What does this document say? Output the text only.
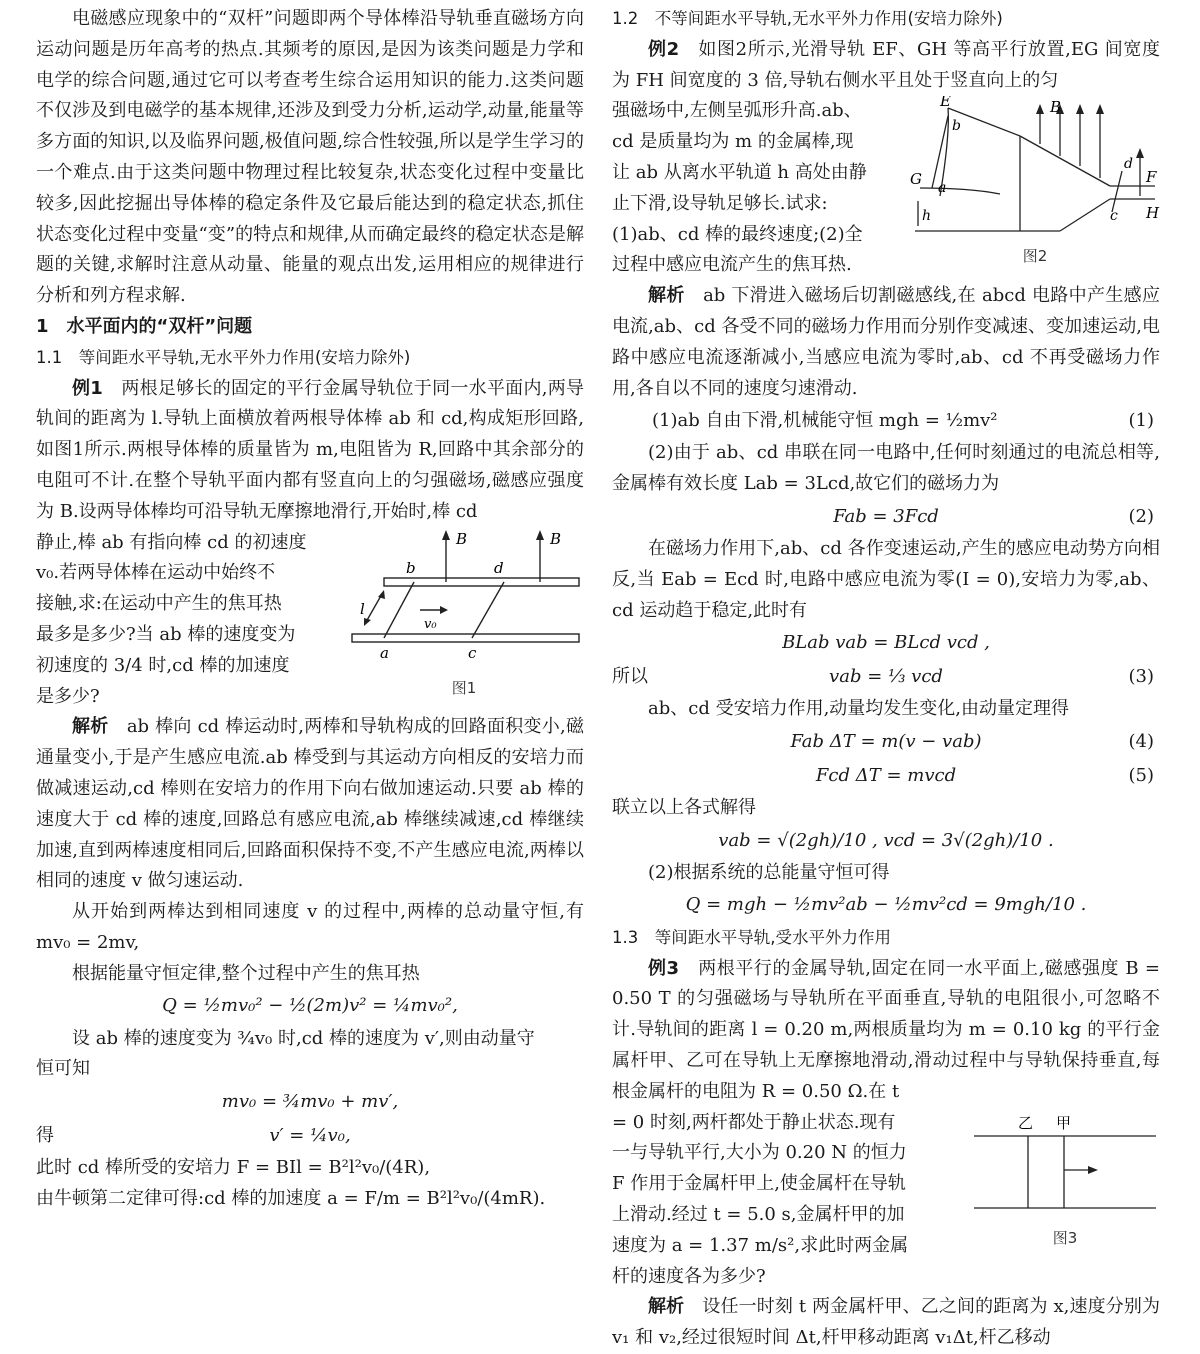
电磁感应现象中的“双杆”问题即两个导体棒沿导轨垂直磁场方向运动问题是历年高考的热点.其频考的原因,是因为该类问题是力学和电学的综合问题,通过它可以考查考生综合运用知识的能力.这类问题不仅涉及到电磁学的基本规律,还涉及到受力分析,运动学,动量,能量等多方面的知识,以及临界问题,极值问题,综合性较强,所以是学生学习的一个难点.由于这类问题中物理过程比较复杂,状态变化过程中变量比较多,因此挖掘出导体棒的稳定条件及它最后能达到的稳定状态,抓住状态变化过程中变量“变”的特点和规律,从而确定最终的稳定状态是解题的关键,求解时注意从动量、能量的观点出发,运用相应的规律进行分析和列方程求解.

1　水平面内的“双杆”问题

1.1　等间距水平导轨,无水平外力作用(安培力除外)

例1　 两根足够长的固定的平行金属导轨位于同一水平面内,两导轨间的距离为 l.导轨上面横放着两根导体棒 ab 和 cd,构成矩形回路,如图1所示.两根导体棒的质量皆为 m,电阻皆为 R,回路中其余部分的电阻可不计.在整个导轨平面内都有竖直向上的匀强磁场,磁感应强度为 B.设两导体棒均可沿导轨无摩擦地滑行,开始时,棒 cd

静止,棒 ab 有指向棒 cd 的初速度
v₀.若两导体棒在运动中始终不
接触,求:在运动中产生的焦耳热
最多是多少?当 ab 棒的速度变为
初速度的 3/4 时,cd 棒的加速度
是多少?
b	d
B	B
l
v₀
a	c
图1

解析　 ab 棒向 cd 棒运动时,两棒和导轨构成的回路面积变小,磁通量变小,于是产生感应电流.ab 棒受到与其运动方向相反的安培力而做减速运动,cd 棒则在安培力的作用下向右做加速运动.只要 ab 棒的速度大于 cd 棒的速度,回路总有感应电流,ab 棒继续减速,cd 棒继续加速,直到两棒速度相同后,回路面积保持不变,不产生感应电流,两棒以相同的速度 v 做匀速运动.

从开始到两棒达到相同速度 v 的过程中,两棒的总动量守恒,有 mv₀ = 2mv,

根据能量守恒定律,整个过程中产生的焦耳热

Q = ½mv₀² − ½(2m)v² = ¼mv₀²,

设 ab 棒的速度变为 ¾v₀ 时,cd 棒的速度为 v′,则由动量守

恒可知

mv₀ = ¾mv₀ + mv′,
得	v′ = ¼v₀,

此时 cd 棒所受的安培力 F = BIl = B²l²v₀/(4R),

由牛顿第二定律可得:cd 棒的加速度 a = F/m = B²l²v₀/(4mR).

1.2　不等间距水平导轨,无水平外力作用(安培力除外)

例2　 如图2所示,光滑导轨 EF、GH 等高平行放置,EG 间宽度为 FH 间宽度的 3 倍,导轨右侧水平且处于竖直向上的匀

强磁场中,左侧呈弧形升高.ab、
cd 是质量均为 m 的金属棒,现
让 ab 从离水平轨道 h 高处由静
止下滑,设导轨足够长.试求:
(1)ab、cd 棒的最终速度;(2)全
过程中感应电流产生的焦耳热.
E
b
B
G a
h
d
F
c H
图2

解析　 ab 下滑进入磁场后切割磁感线,在 abcd 电路中产生感应电流,ab、cd 各受不同的磁场力作用而分别作变减速、变加速运动,电路中感应电流逐渐减小,当感应电流为零时,ab、cd 不再受磁场力作用,各自以不同的速度匀速滑动.

(1)ab 自由下滑,机械能守恒 mgh = ½mv²	(1)

(2)由于 ab、cd 串联在同一电路中,任何时刻通过的电流总相等,金属棒有效长度 Lab = 3Lcd,故它们的磁场力为

Fab = 3Fcd	(2)

在磁场力作用下,ab、cd 各作变速运动,产生的感应电动势方向相反,当 Eab = Ecd 时,电路中感应电流为零(I = 0),安培力为零,ab、cd 运动趋于稳定,此时有

BLab vab = BLcd vcd ,
所以	vab = ⅓ vcd	(3)

ab、cd 受安培力作用,动量均发生变化,由动量定理得

Fab ΔT = m(v − vab)	(4)
Fcd ΔT = mvcd	(5)

联立以上各式解得

vab = √(2gh)/10 , vcd = 3√(2gh)/10 .

(2)根据系统的总能量守恒可得

Q = mgh − ½mv²ab − ½mv²cd = 9mgh/10 .

1.3　等间距水平导轨,受水平外力作用

例3　 两根平行的金属导轨,固定在同一水平面上,磁感强度 B = 0.50 T 的匀强磁场与导轨所在平面垂直,导轨的电阻很小,可忽略不计.导轨间的距离 l = 0.20 m,两根质量均为 m = 0.10 kg 的平行金属杆甲、乙可在导轨上无摩擦地滑动,滑动过程中与导轨保持垂直,每根金属杆的电阻为 R = 0.50 Ω.在 t

= 0 时刻,两杆都处于静止状态.现有
一与导轨平行,大小为 0.20 N 的恒力
F 作用于金属杆甲上,使金属杆在导轨
上滑动.经过 t = 5.0 s,金属杆甲的加
速度为 a = 1.37 m/s²,求此时两金属
杆的速度各为多少?
乙 甲
图3

解析　 设任一时刻 t 两金属杆甲、乙之间的距离为 x,速度分别为 v₁ 和 v₂,经过很短时间 Δt,杆甲移动距离 v₁Δt,杆乙移动
